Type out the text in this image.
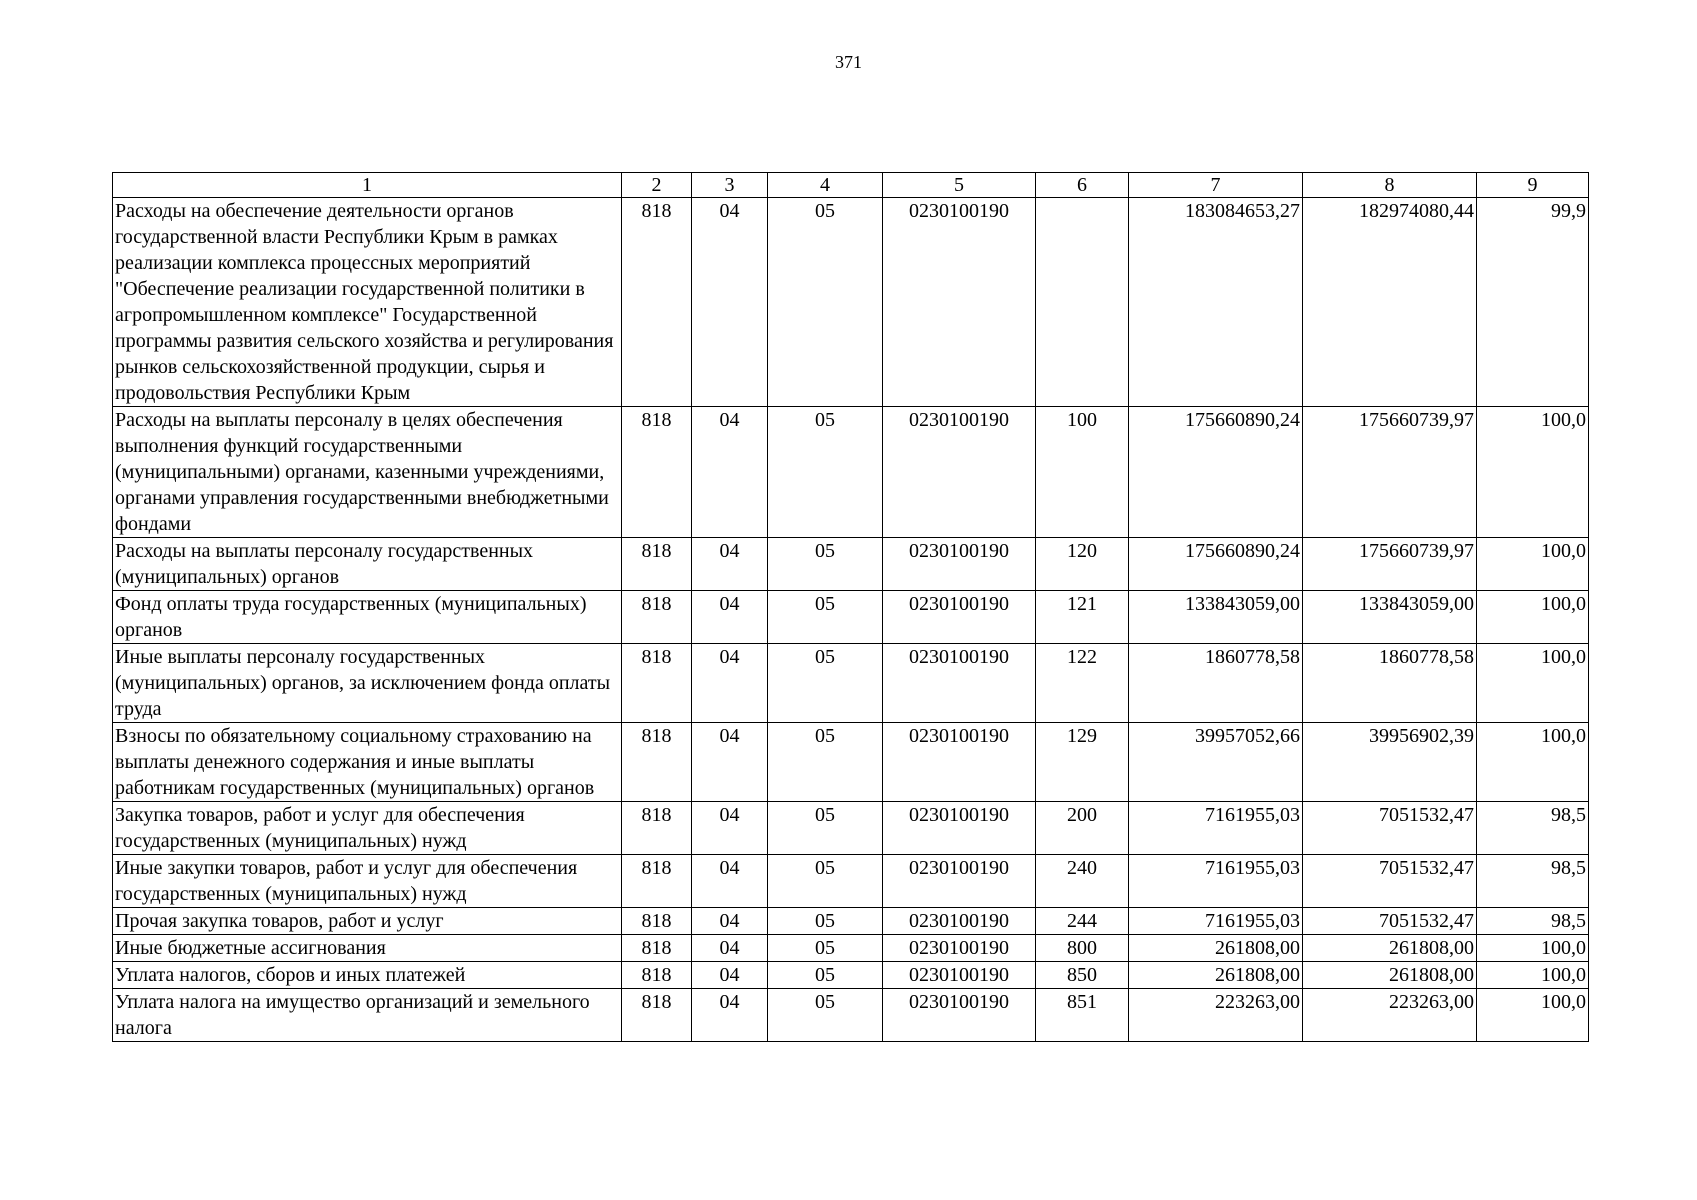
371
1	2	3	4	5	6	7	8	9
Расходы на обеспечение деятельности органов государственной власти Республики Крым в рамках реализации комплекса процессных мероприятий "Обеспечение реализации государственной политики в агропромышленном комплексе" Государственной программы развития сельского хозяйства и регулирования рынков сельскохозяйственной продукции, сырья и продовольствия Республики Крым	818	04	05	0230100190		183084653,27	182974080,44	99,9
Расходы на выплаты персоналу в целях обеспечения выполнения функций государственными (муниципальными) органами, казенными учреждениями, органами управления государственными внебюджетными фондами	818	04	05	0230100190	100	175660890,24	175660739,97	100,0
Расходы на выплаты персоналу государственных (муниципальных) органов	818	04	05	0230100190	120	175660890,24	175660739,97	100,0
Фонд оплаты труда государственных (муниципальных) органов	818	04	05	0230100190	121	133843059,00	133843059,00	100,0
Иные выплаты персоналу государственных (муниципальных) органов, за исключением фонда оплаты труда	818	04	05	0230100190	122	1860778,58	1860778,58	100,0
Взносы по обязательному социальному страхованию на выплаты денежного содержания и иные выплаты работникам государственных (муниципальных) органов	818	04	05	0230100190	129	39957052,66	39956902,39	100,0
Закупка товаров, работ и услуг для обеспечения государственных (муниципальных) нужд	818	04	05	0230100190	200	7161955,03	7051532,47	98,5
Иные закупки товаров, работ и услуг для обеспечения государственных (муниципальных) нужд	818	04	05	0230100190	240	7161955,03	7051532,47	98,5
Прочая закупка товаров, работ и услуг	818	04	05	0230100190	244	7161955,03	7051532,47	98,5
Иные бюджетные ассигнования	818	04	05	0230100190	800	261808,00	261808,00	100,0
Уплата налогов, сборов и иных платежей	818	04	05	0230100190	850	261808,00	261808,00	100,0
Уплата налога на имущество организаций и земельного налога	818	04	05	0230100190	851	223263,00	223263,00	100,0
